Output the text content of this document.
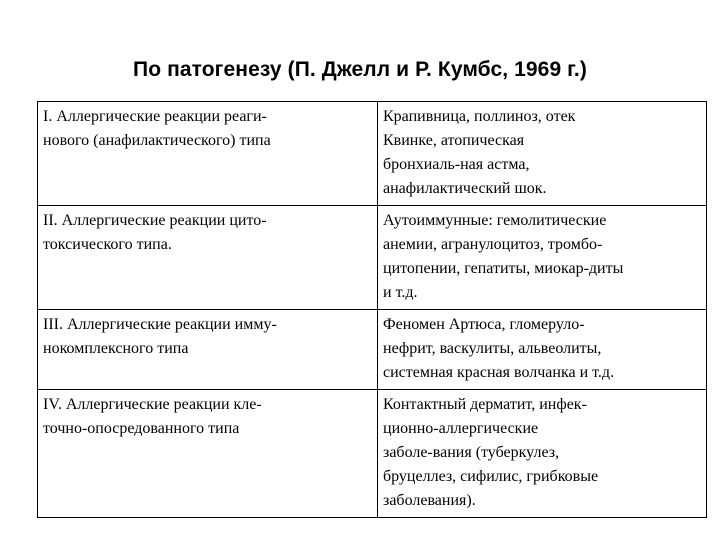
По патогенезу (П. Джелл и Р. Кумбс, 1969 г.)
I. Аллергические реакции реаги-
нового (анафилактического) типа	Крапивница, поллиноз, отек
Квинке, атопическая
бронхиаль-ная астма,
анафилактический шок.

II. Аллергические реакции цито-
токсического типа.	Аутоиммунные: гемолитические
анемии, агранулоцитоз, тромбо-
цитопении, гепатиты, миокар-диты
и т.д.

III. Аллергические реакции имму-
нокомплексного типа	Феномен Артюса, гломеруло-
нефрит, васкулиты, альвеолиты,
системная красная волчанка и т.д.

IV. Аллергические реакции кле-
точно-опосредованного типа	Контактный дерматит, инфек-
ционно-аллергические
заболе-вания (туберкулез,
бруцеллез, сифилис, грибковые
заболевания).
